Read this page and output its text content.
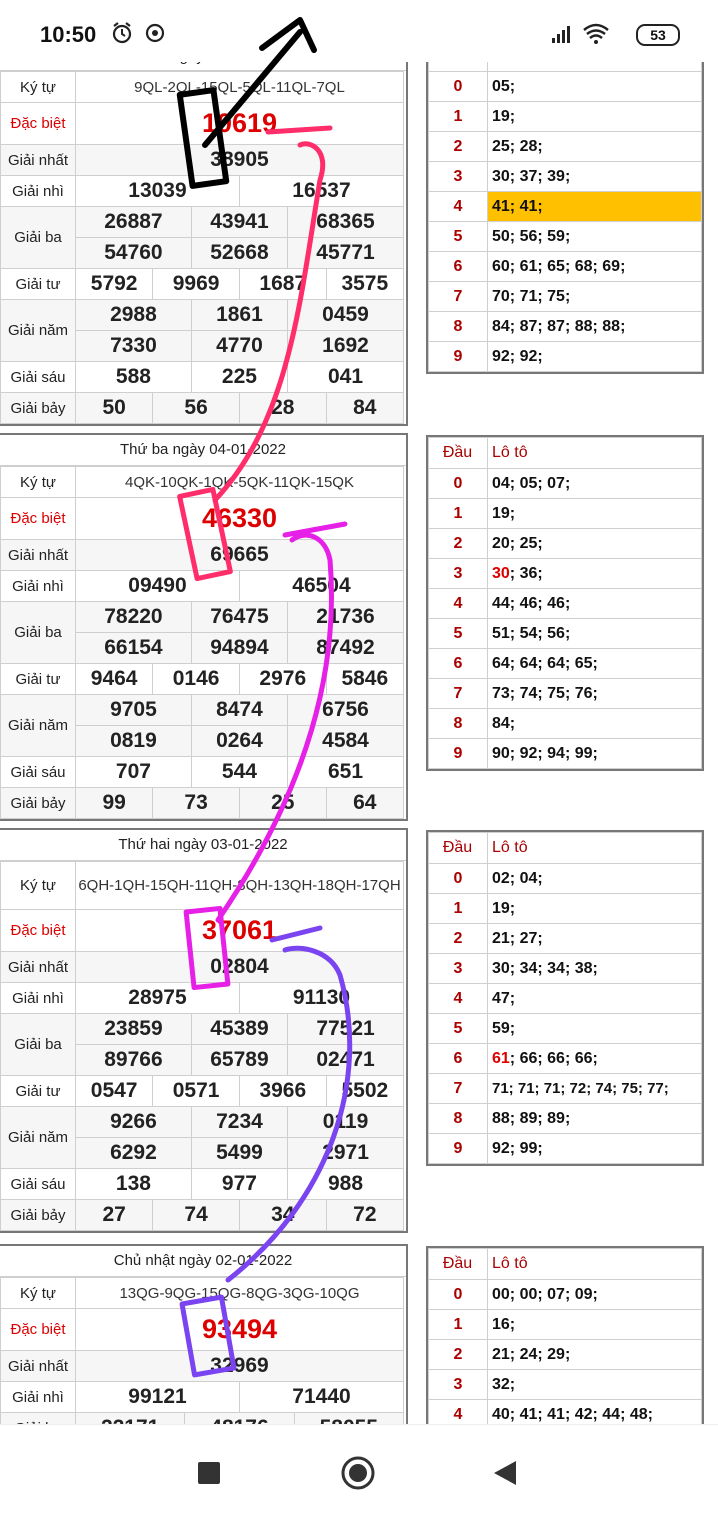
Ký tự	9QL-2QL-15QL-5QL-11QL-7QL					
Đặc biệt	10619					
Giải nhất	38905					
Giải nhì	13039			16537		
Giải ba	26887		43941		68365	
	54760		52668		45771	
Giải tư	5792	9969		1687		3575
Giải năm	2988		1861		0459	
	7330		4770		1692	
Giải sáu	588		225		041	
Giải bảy	50	56		28		84

0	05;
1	19;
2	25; 28;
3	30; 37; 39;
4	41; 41;
5	50; 56; 59;
6	60; 61; 65; 68; 69;
7	70; 71; 75;
8	84; 87; 87; 88; 88;
9	92; 92;
Thứ ba ngày 04-01-2022
Ký tự	4QK-10QK-1QK-5QK-11QK-15QK					
Đặc biệt	46330					
Giải nhất	69665					
Giải nhì	09490			46504		
Giải ba	78220		76475		21736	
	66154		94894		87492	
Giải tư	9464	0146		2976		5846
Giải năm	9705		8474		6756	
	0819		0264		4584	
Giải sáu	707		544		651	
Giải bảy	99	73		25		64
Đầu	Lô tô
0	04; 05; 07;
1	19;
2	20; 25;
3	30; 36;
4	44; 46; 46;
5	51; 54; 56;
6	64; 64; 64; 65;
7	73; 74; 75; 76;
8	84;
9	90; 92; 94; 99;
Thứ hai ngày 03-01-2022
Ký tự	6QH-1QH-15QH-11QH-8QH-13QH-18QH-17QH					
Đặc biệt	37061					
Giải nhất	02804					
Giải nhì	28975			91130		
Giải ba	23859		45389		77521	
	89766		65789		02471	
Giải tư	0547	0571		3966		5502
Giải năm	9266		7234		0119	
	6292		5499		2971	
Giải sáu	138		977		988	
Giải bảy	27	74		34		72
Đầu	Lô tô
0	02; 04;
1	19;
2	21; 27;
3	30; 34; 34; 38;
4	47;
5	59;
6	61; 66; 66; 66;
7	71; 71; 71; 72; 74; 75; 77;
8	88; 89; 89;
9	92; 99;
Chủ nhật ngày 02-01-2022
Ký tự	13QG-9QG-15QG-8QG-3QG-10QG			
Đặc biệt	93494			
Giải nhất	32969			
Giải nhì	99121		71440	

Đầu	Lô tô
0	00; 00; 07; 09;
1	16;
2	21; 24; 29;
3	32;
4	40; 41; 41; 42; 44; 48;
10:50	53
